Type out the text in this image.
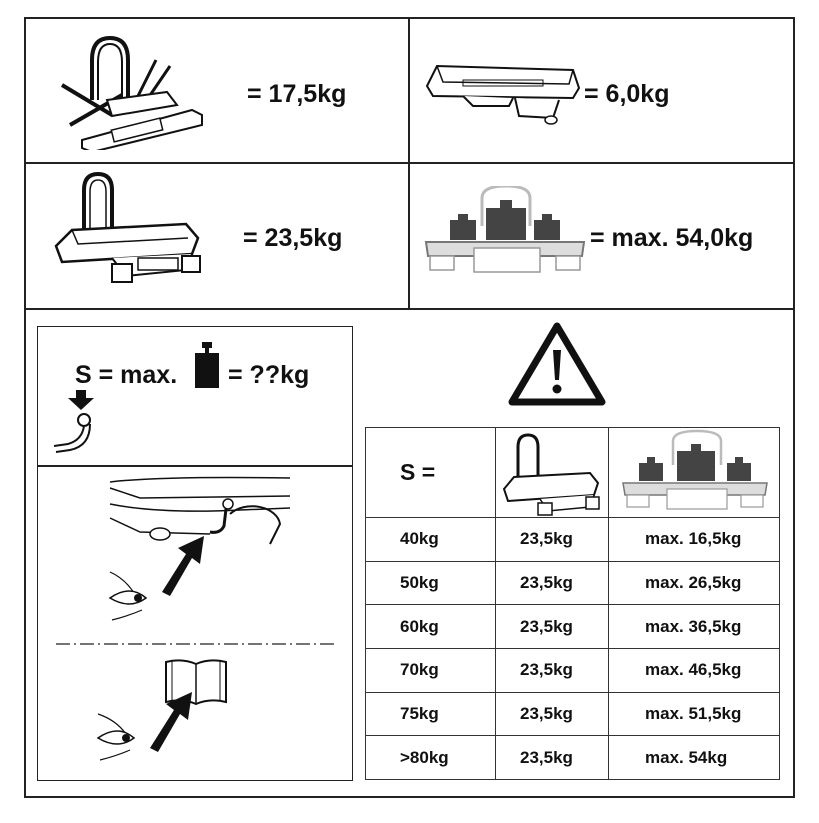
= 17,5kg	= 6,0kg
= 23,5kg	= max. 54,0kg
S = max. = ??kg
S =	

40kg	23,5kg	max. 16,5kg
50kg	23,5kg	max. 26,5kg
60kg	23,5kg	max. 36,5kg
70kg	23,5kg	max. 46,5kg
75kg	23,5kg	max. 51,5kg
>80kg	23,5kg	max. 54kg
